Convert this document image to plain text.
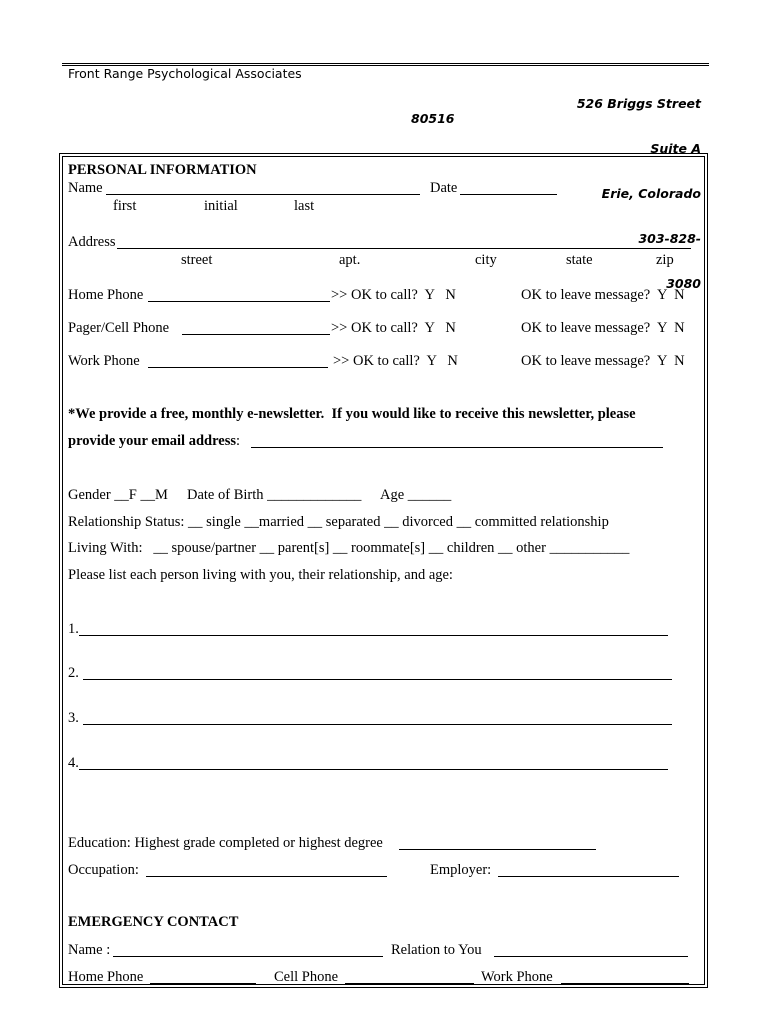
Front Range Psychological Associates

526 Briggs Street

Suite A

Erie, Colorado

303-828-

3080

80516
PERSONAL INFORMATION
Name	Date
first	initial	last
Address
street	apt.	city	state	zip
Home Phone	>> OK to call?  Y   N	OK to leave message?  Y  N
Pager/Cell Phone	>> OK to call?  Y   N	OK to leave message?  Y  N
Work Phone	>> OK to call?  Y   N	OK to leave message?  Y  N
*We provide a free, monthly e-newsletter.  If you would like to receive this newsletter, please
provide your email address:
Gender __F __M Date of Birth _____________ Age ______
Relationship Status: __ single __married __ separated __ divorced __ committed relationship
Living With:   __ spouse/partner __ parent[s] __ roommate[s] __ children __ other ___________
Please list each person living with you, their relationship, and age:
1.
2.
3.
4.
Education: Highest grade completed or highest degree
Occupation:	Employer:
EMERGENCY CONTACT
Name :	Relation to You
Home Phone	Cell Phone	Work Phone
